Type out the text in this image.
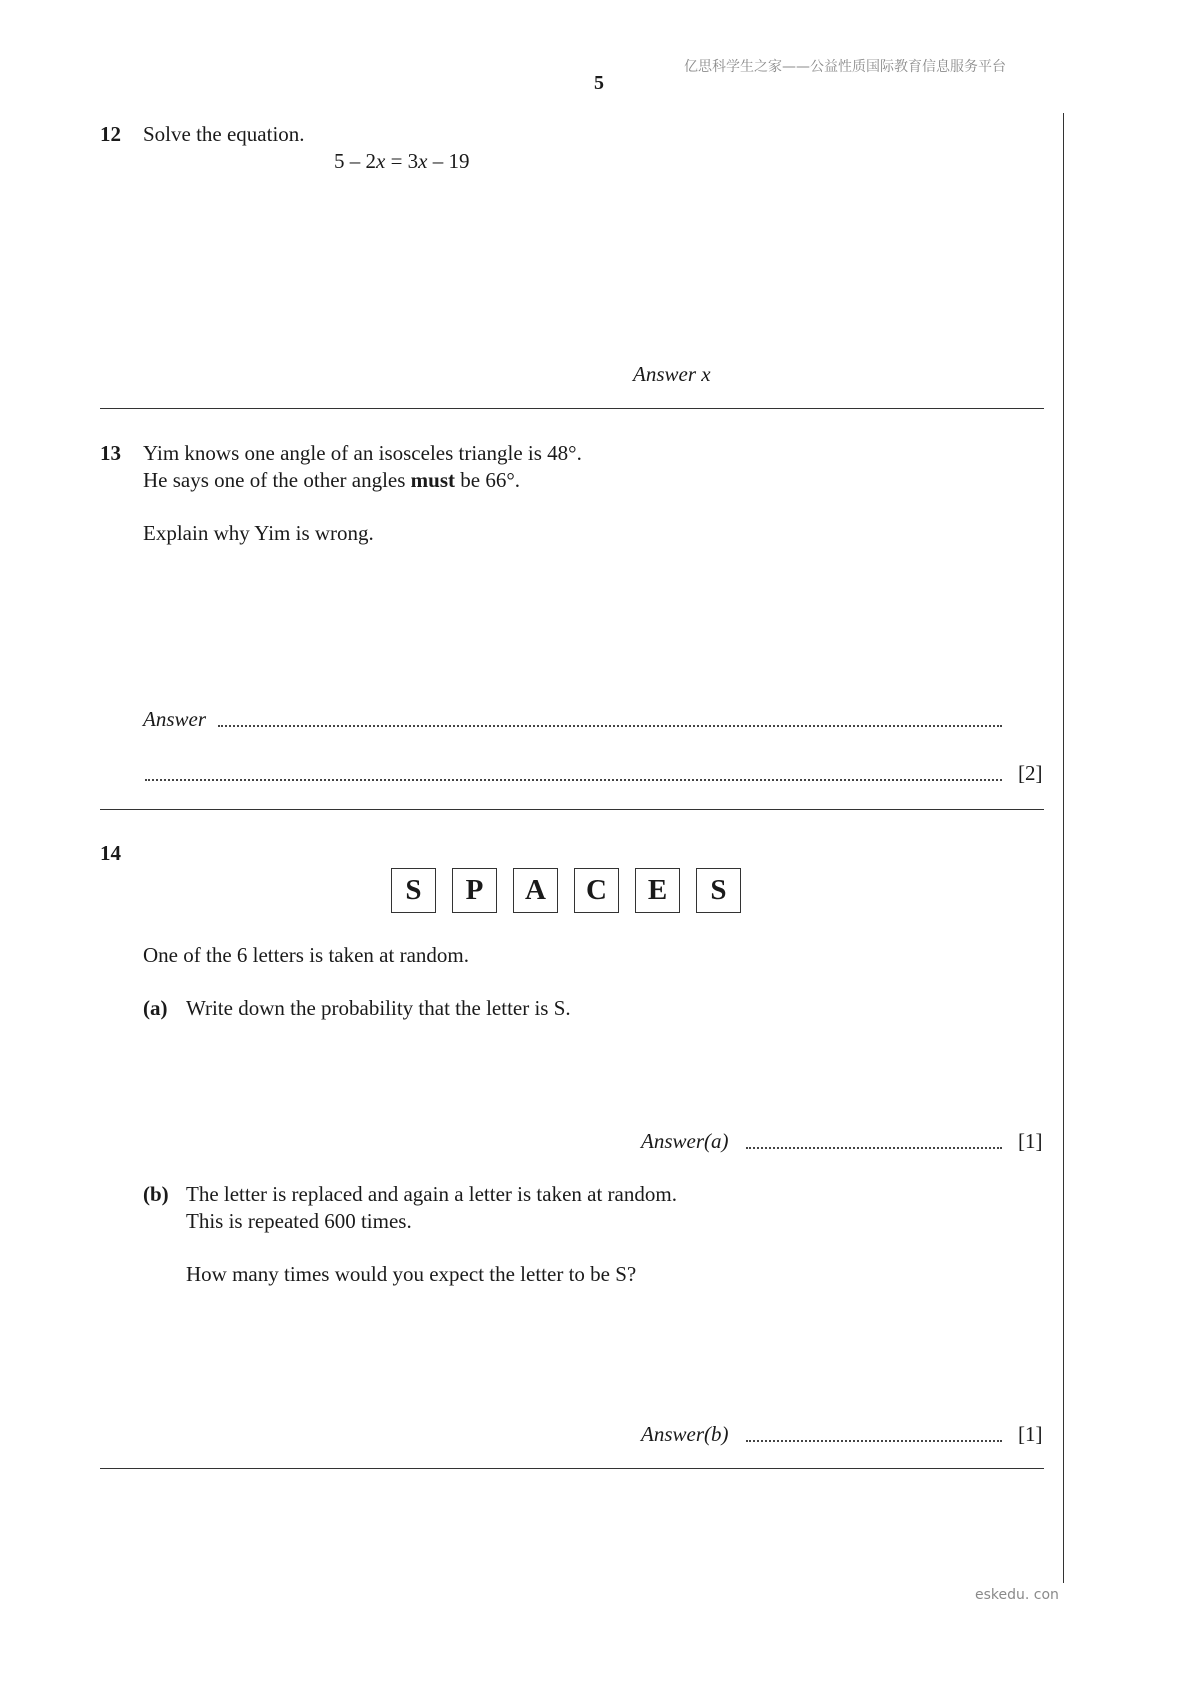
亿思科学生之家——公益性质国际教育信息服务平台
5
12 Solve the equation.
5 – 2x = 3x – 19
Answer x
13 Yim knows one angle of an isosceles triangle is 48°.
He says one of the other angles must be 66°.
Explain why Yim is wrong.
Answer
[2]
14
S	P	A	C	E	S
One of the 6 letters is taken at random.
(a) Write down the probability that the letter is S.
Answer(a)	[1]
(b) The letter is replaced and again a letter is taken at random.
This is repeated 600 times.
How many times would you expect the letter to be S?
Answer(b)	[1]
eskedu. con
